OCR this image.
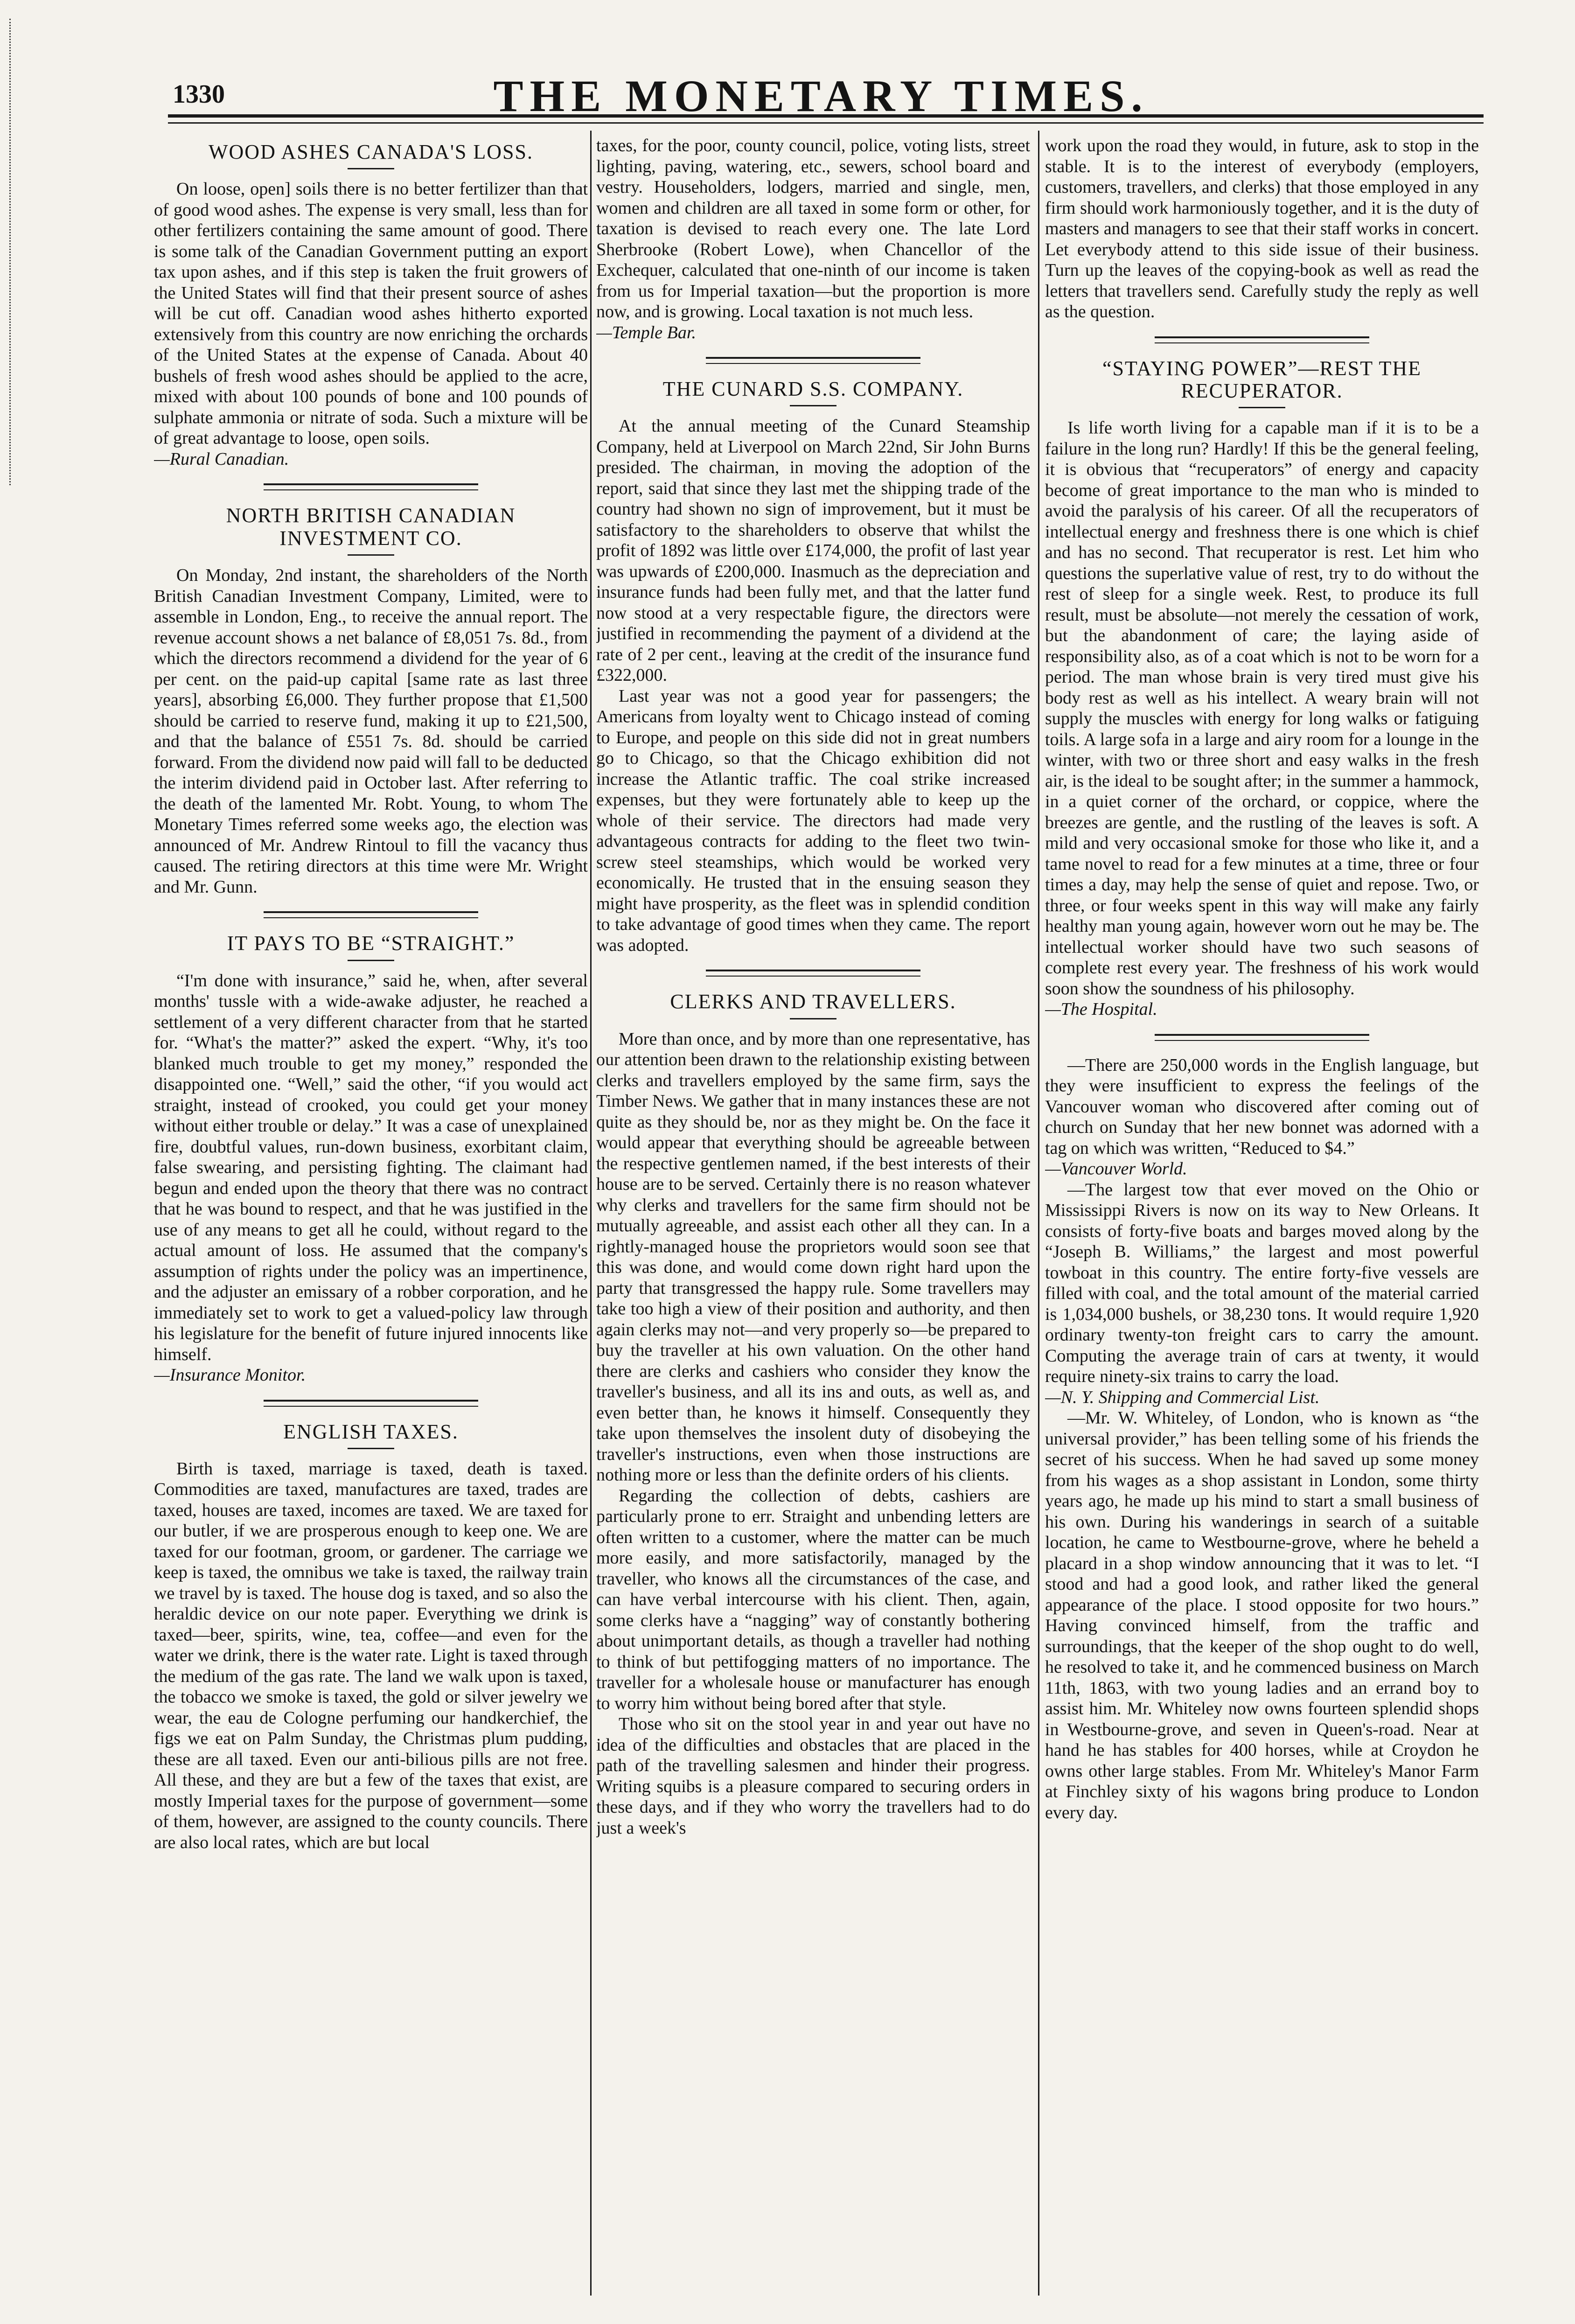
1330	THE MONETARY TIMES.
WOOD ASHES CANADA'S LOSS.

On loose, open] soils there is no better fertilizer than that of good wood ashes. The expense is very small, less than for other fertilizers containing the same amount of good. There is some talk of the Canadian Government putting an export tax upon ashes, and if this step is taken the fruit growers of the United States will find that their present source of ashes will be cut off. Canadian wood ashes hitherto exported extensively from this country are now enriching the orchards of the United States at the expense of Canada. About 40 bushels of fresh wood ashes should be applied to the acre, mixed with about 100 pounds of bone and 100 pounds of sulphate ammonia or nitrate of soda. Such a mixture will be of great advantage to loose, open soils.

—Rural Canadian.

NORTH BRITISH CANADIAN INVESTMENT CO.

On Monday, 2nd instant, the shareholders of the North British Canadian Investment Company, Limited, were to assemble in London, Eng., to receive the annual report. The revenue account shows a net balance of £8,051 7s. 8d., from which the directors recommend a dividend for the year of 6 per cent. on the paid-up capital [same rate as last three years], absorbing £6,000. They further propose that £1,500 should be carried to reserve fund, making it up to £21,500, and that the balance of £551 7s. 8d. should be carried forward. From the dividend now paid will fall to be deducted the interim dividend paid in October last. After referring to the death of the lamented Mr. Robt. Young, to whom The Monetary Times referred some weeks ago, the election was announced of Mr. Andrew Rintoul to fill the vacancy thus caused. The retiring directors at this time were Mr. Wright and Mr. Gunn.

IT PAYS TO BE “STRAIGHT.”

“I'm done with insurance,” said he, when, after several months' tussle with a wide-awake adjuster, he reached a settlement of a very different character from that he started for. “What's the matter?” asked the expert. “Why, it's too blanked much trouble to get my money,” responded the disappointed one. “Well,” said the other, “if you would act straight, instead of crooked, you could get your money without either trouble or delay.” It was a case of unexplained fire, doubtful values, run-down business, exorbitant claim, false swearing, and persisting fighting. The claimant had begun and ended upon the theory that there was no contract that he was bound to respect, and that he was justified in the use of any means to get all he could, without regard to the actual amount of loss. He assumed that the company's assumption of rights under the policy was an impertinence, and the adjuster an emissary of a robber corporation, and he immediately set to work to get a valued-policy law through his legislature for the benefit of future injured innocents like himself.

—Insurance Monitor.

ENGLISH TAXES.

Birth is taxed, marriage is taxed, death is taxed. Commodities are taxed, manufactures are taxed, trades are taxed, houses are taxed, incomes are taxed. We are taxed for our butler, if we are prosperous enough to keep one. We are taxed for our footman, groom, or gardener. The carriage we keep is taxed, the omnibus we take is taxed, the railway train we travel by is taxed. The house dog is taxed, and so also the heraldic device on our note paper. Everything we drink is taxed—beer, spirits, wine, tea, coffee—and even for the water we drink, there is the water rate. Light is taxed through the medium of the gas rate. The land we walk upon is taxed, the tobacco we smoke is taxed, the gold or silver jewelry we wear, the eau de Cologne perfuming our handkerchief, the figs we eat on Palm Sunday, the Christmas plum pudding, these are all taxed. Even our anti-bilious pills are not free. All these, and they are but a few of the taxes that exist, are mostly Imperial taxes for the purpose of government—some of them, however, are assigned to the county councils. There are also local rates, which are but local

taxes, for the poor, county council, police, voting lists, street lighting, paving, watering, etc., sewers, school board and vestry. Householders, lodgers, married and single, men, women and children are all taxed in some form or other, for taxation is devised to reach every one. The late Lord Sherbrooke (Robert Lowe), when Chancellor of the Exchequer, calculated that one-ninth of our income is taken from us for Imperial taxation—but the proportion is more now, and is growing. Local taxation is not much less.

—Temple Bar.

THE CUNARD S.S. COMPANY.

At the annual meeting of the Cunard Steamship Company, held at Liverpool on March 22nd, Sir John Burns presided. The chairman, in moving the adoption of the report, said that since they last met the shipping trade of the country had shown no sign of improvement, but it must be satisfactory to the shareholders to observe that whilst the profit of 1892 was little over £174,000, the profit of last year was upwards of £200,000. Inasmuch as the depreciation and insurance funds had been fully met, and that the latter fund now stood at a very respectable figure, the directors were justified in recommending the payment of a dividend at the rate of 2 per cent., leaving at the credit of the insurance fund £322,000.

Last year was not a good year for passengers; the Americans from loyalty went to Chicago instead of coming to Europe, and people on this side did not in great numbers go to Chicago, so that the Chicago exhibition did not increase the Atlantic traffic. The coal strike increased expenses, but they were fortunately able to keep up the whole of their service. The directors had made very advantageous contracts for adding to the fleet two twin-screw steel steamships, which would be worked very economically. He trusted that in the ensuing season they might have prosperity, as the fleet was in splendid condition to take advantage of good times when they came. The report was adopted.

CLERKS AND TRAVELLERS.

More than once, and by more than one representative, has our attention been drawn to the relationship existing between clerks and travellers employed by the same firm, says the Timber News. We gather that in many instances these are not quite as they should be, nor as they might be. On the face it would appear that everything should be agreeable between the respective gentlemen named, if the best interests of their house are to be served. Certainly there is no reason whatever why clerks and travellers for the same firm should not be mutually agreeable, and assist each other all they can. In a rightly-managed house the proprietors would soon see that this was done, and would come down right hard upon the party that transgressed the happy rule. Some travellers may take too high a view of their position and authority, and then again clerks may not—and very properly so—be prepared to buy the traveller at his own valuation. On the other hand there are clerks and cashiers who consider they know the traveller's business, and all its ins and outs, as well as, and even better than, he knows it himself. Consequently they take upon themselves the insolent duty of disobeying the traveller's instructions, even when those instructions are nothing more or less than the definite orders of his clients.

Regarding the collection of debts, cashiers are particularly prone to err. Straight and unbending letters are often written to a customer, where the matter can be much more easily, and more satisfactorily, managed by the traveller, who knows all the circumstances of the case, and can have verbal intercourse with his client. Then, again, some clerks have a “nagging” way of constantly bothering about unimportant details, as though a traveller had nothing to think of but pettifogging matters of no importance. The traveller for a wholesale house or manufacturer has enough to worry him without being bored after that style.

Those who sit on the stool year in and year out have no idea of the difficulties and obstacles that are placed in the path of the travelling salesmen and hinder their progress. Writing squibs is a pleasure compared to securing orders in these days, and if they who worry the travellers had to do just a week's

work upon the road they would, in future, ask to stop in the stable. It is to the interest of everybody (employers, customers, travellers, and clerks) that those employed in any firm should work harmoniously together, and it is the duty of masters and managers to see that their staff works in concert. Let everybody attend to this side issue of their business. Turn up the leaves of the copying-book as well as read the letters that travellers send. Carefully study the reply as well as the question.

“STAYING POWER”—REST THE RECUPERATOR.

Is life worth living for a capable man if it is to be a failure in the long run? Hardly! If this be the general feeling, it is obvious that “recuperators” of energy and capacity become of great importance to the man who is minded to avoid the paralysis of his career. Of all the recuperators of intellectual energy and freshness there is one which is chief and has no second. That recuperator is rest. Let him who questions the superlative value of rest, try to do without the rest of sleep for a single week. Rest, to produce its full result, must be absolute—not merely the cessation of work, but the abandonment of care; the laying aside of responsibility also, as of a coat which is not to be worn for a period. The man whose brain is very tired must give his body rest as well as his intellect. A weary brain will not supply the muscles with energy for long walks or fatiguing toils. A large sofa in a large and airy room for a lounge in the winter, with two or three short and easy walks in the fresh air, is the ideal to be sought after; in the summer a hammock, in a quiet corner of the orchard, or coppice, where the breezes are gentle, and the rustling of the leaves is soft. A mild and very occasional smoke for those who like it, and a tame novel to read for a few minutes at a time, three or four times a day, may help the sense of quiet and repose. Two, or three, or four weeks spent in this way will make any fairly healthy man young again, however worn out he may be. The intellectual worker should have two such seasons of complete rest every year. The freshness of his work would soon show the soundness of his philosophy.

—The Hospital.

—There are 250,000 words in the English language, but they were insufficient to express the feelings of the Vancouver woman who discovered after coming out of church on Sunday that her new bonnet was adorned with a tag on which was written, “Reduced to $4.”

—Vancouver World.

—The largest tow that ever moved on the Ohio or Mississippi Rivers is now on its way to New Orleans. It consists of forty-five boats and barges moved along by the “Joseph B. Williams,” the largest and most powerful towboat in this country. The entire forty-five vessels are filled with coal, and the total amount of the material carried is 1,034,000 bushels, or 38,230 tons. It would require 1,920 ordinary twenty-ton freight cars to carry the amount. Computing the average train of cars at twenty, it would require ninety-six trains to carry the load.

—N. Y. Shipping and Commercial List.

—Mr. W. Whiteley, of London, who is known as “the universal provider,” has been telling some of his friends the secret of his success. When he had saved up some money from his wages as a shop assistant in London, some thirty years ago, he made up his mind to start a small business of his own. During his wanderings in search of a suitable location, he came to Westbourne-grove, where he beheld a placard in a shop window announcing that it was to let. “I stood and had a good look, and rather liked the general appearance of the place. I stood opposite for two hours.” Having convinced himself, from the traffic and surroundings, that the keeper of the shop ought to do well, he resolved to take it, and he commenced business on March 11th, 1863, with two young ladies and an errand boy to assist him. Mr. Whiteley now owns fourteen splendid shops in Westbourne-grove, and seven in Queen's-road. Near at hand he has stables for 400 horses, while at Croydon he owns other large stables. From Mr. Whiteley's Manor Farm at Finchley sixty of his wagons bring produce to London every day.
